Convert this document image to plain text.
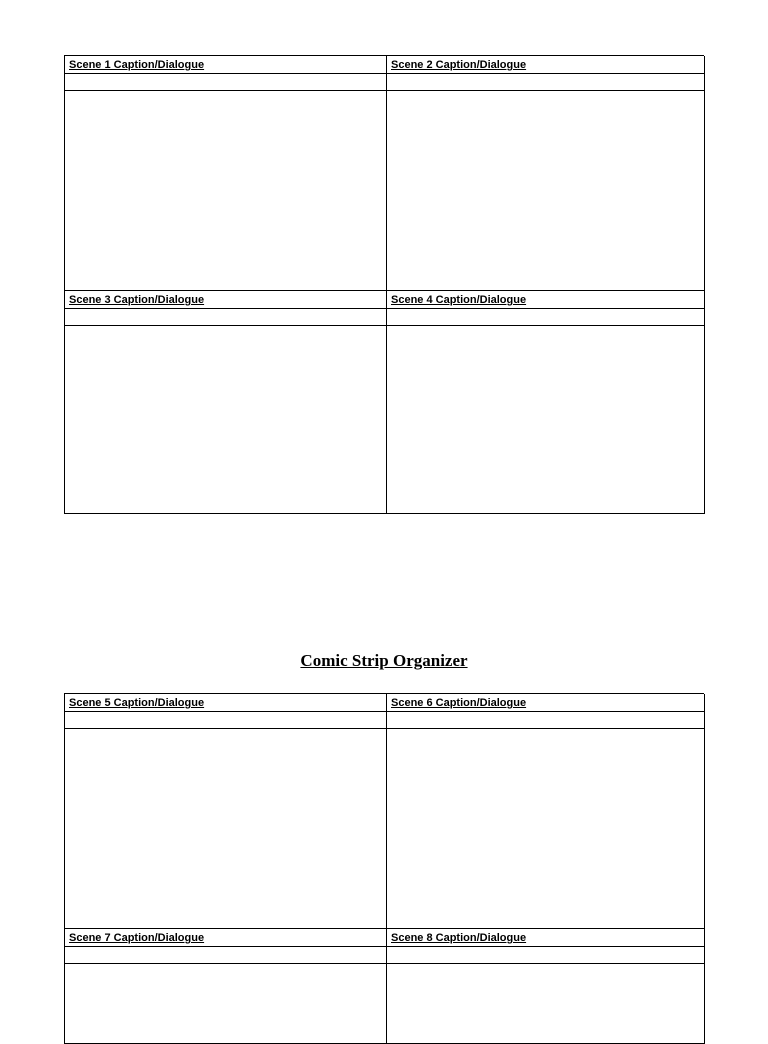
Scene 1 Caption/Dialogue	Scene 2 Caption/Dialogue
Scene 3 Caption/Dialogue	Scene 4 Caption/Dialogue
Comic Strip Organizer
Scene 5 Caption/Dialogue	Scene 6 Caption/Dialogue
Scene 7 Caption/Dialogue	Scene 8 Caption/Dialogue
